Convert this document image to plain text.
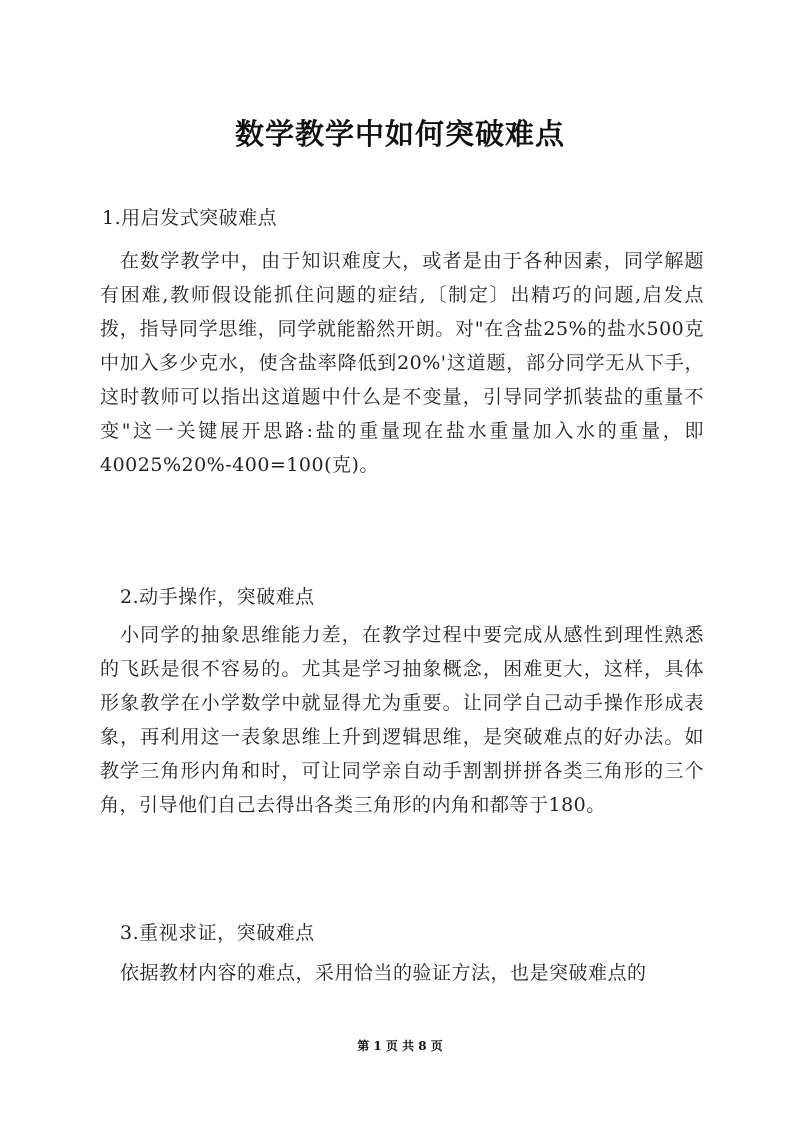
数学教学中如何突破难点
1.用启发式突破难点
在数学教学中，由于知识难度大，或者是由于各种因素，同学解题有困难,教师假设能抓住问题的症结,〔制定〕出精巧的问题,启发点拨，指导同学思维，同学就能豁然开朗。对"在含盐25%的盐水500克中加入多少克水，使含盐率降低到20%'这道题，部分同学无从下手，这时教师可以指出这道题中什么是不变量，引导同学抓装盐的重量不变"这一关键展开思路:盐的重量现在盐水重量加入水的重量，即40025%20%-400=100(克)。
2.动手操作，突破难点
小同学的抽象思维能力差，在教学过程中要完成从感性到理性熟悉的飞跃是很不容易的。尤其是学习抽象概念，困难更大，这样，具体形象教学在小学数学中就显得尤为重要。让同学自己动手操作形成表象，再利用这一表象思维上升到逻辑思维，是突破难点的好办法。如教学三角形内角和时，可让同学亲自动手割割拼拼各类三角形的三个角，引导他们自己去得出各类三角形的内角和都等于180。
3.重视求证，突破难点
依据教材内容的难点，采用恰当的验证方法，也是突破难点的
第 1 页 共 8 页
